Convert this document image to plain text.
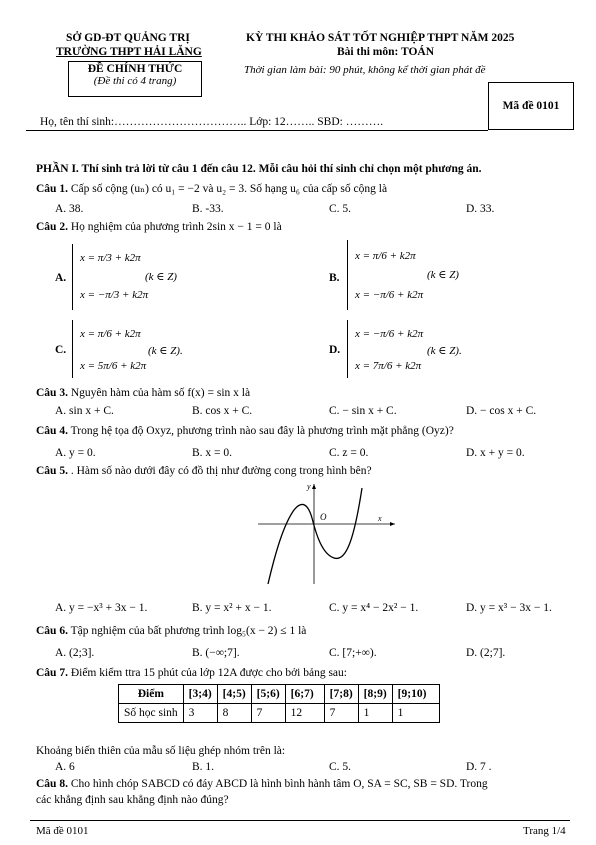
SỞ GD-ĐT QUẢNG TRỊ
TRƯỜNG THPT HẢI LĂNG
ĐỀ CHÍNH THỨC
(Đề thi có 4 trang)
KỲ THI KHẢO SÁT TỐT NGHIỆP THPT NĂM 2025
Bài thi môn: TOÁN
Thời gian làm bài: 90 phút, không kể thời gian phát đề
Mã đề 0101
Họ, tên thí sinh:…………………………….. Lớp: 12…….. SBD: ……….
PHẦN I. Thí sinh trả lời từ câu 1 đến câu 12. Mỗi câu hỏi thí sinh chỉ chọn một phương án.
Câu 1. Cấp số cộng (uₙ) có u₁ = −2 và u₂ = 3. Số hạng u₆ của cấp số cộng là
A. 38.	B. -33.	C. 5.	D. 33.
Câu 2. Họ nghiệm của phương trình 2sin x − 1 = 0 là
A.
x = π/3 + k2π
x = −π/3 + k2π
(k ∈ Z)	B.
x = π/6 + k2π
x = −π/6 + k2π
(k ∈ Z)
C.
x = π/6 + k2π
x = 5π/6 + k2π
(k ∈ Z).	D.
x = −π/6 + k2π
x = 7π/6 + k2π
(k ∈ Z).
Câu 3. Nguyên hàm của hàm số f(x) = sin x là
A. sin x + C.	B. cos x + C.	C. − sin x + C.	D. − cos x + C.
Câu 4. Trong hệ tọa độ Oxyz, phương trình nào sau đây là phương trình mặt phẳng (Oyz)?
A. y = 0.	B. x = 0.	C. z = 0.	D. x + y = 0.
Câu 5. . Hàm số nào dưới đây có đồ thị như đường cong trong hình bên?
y
O	x
A. y = −x³ + 3x − 1.	B. y = x² + x − 1.	C. y = x⁴ − 2x² − 1.	D. y = x³ − 3x − 1.
Câu 6. Tập nghiệm của bất phương trình log₅(x − 2) ≤ 1 là
A. (2;3].	B. (−∞;7].	C. [7;+∞).	D. (2;7].
Câu 7. Điểm kiểm ttra 15 phút của lớp 12A được cho bởi bảng sau:
Điểm	[3;4)	[4;5)	[5;6)	[6;7)	[7;8)	[8;9)	[9;10)
Số học sinh	3	8	7	12	7	1	1
Khoảng biến thiên của mẫu số liệu ghép nhóm trên là:
A. 6	B. 1.	C. 5.	D. 7 .
Câu 8. Cho hình chóp SABCD có đáy ABCD là hình bình hành tâm O, SA = SC, SB = SD. Trong
các khẳng định sau khẳng định nào đúng?
Mã đề 0101	Trang 1/4
